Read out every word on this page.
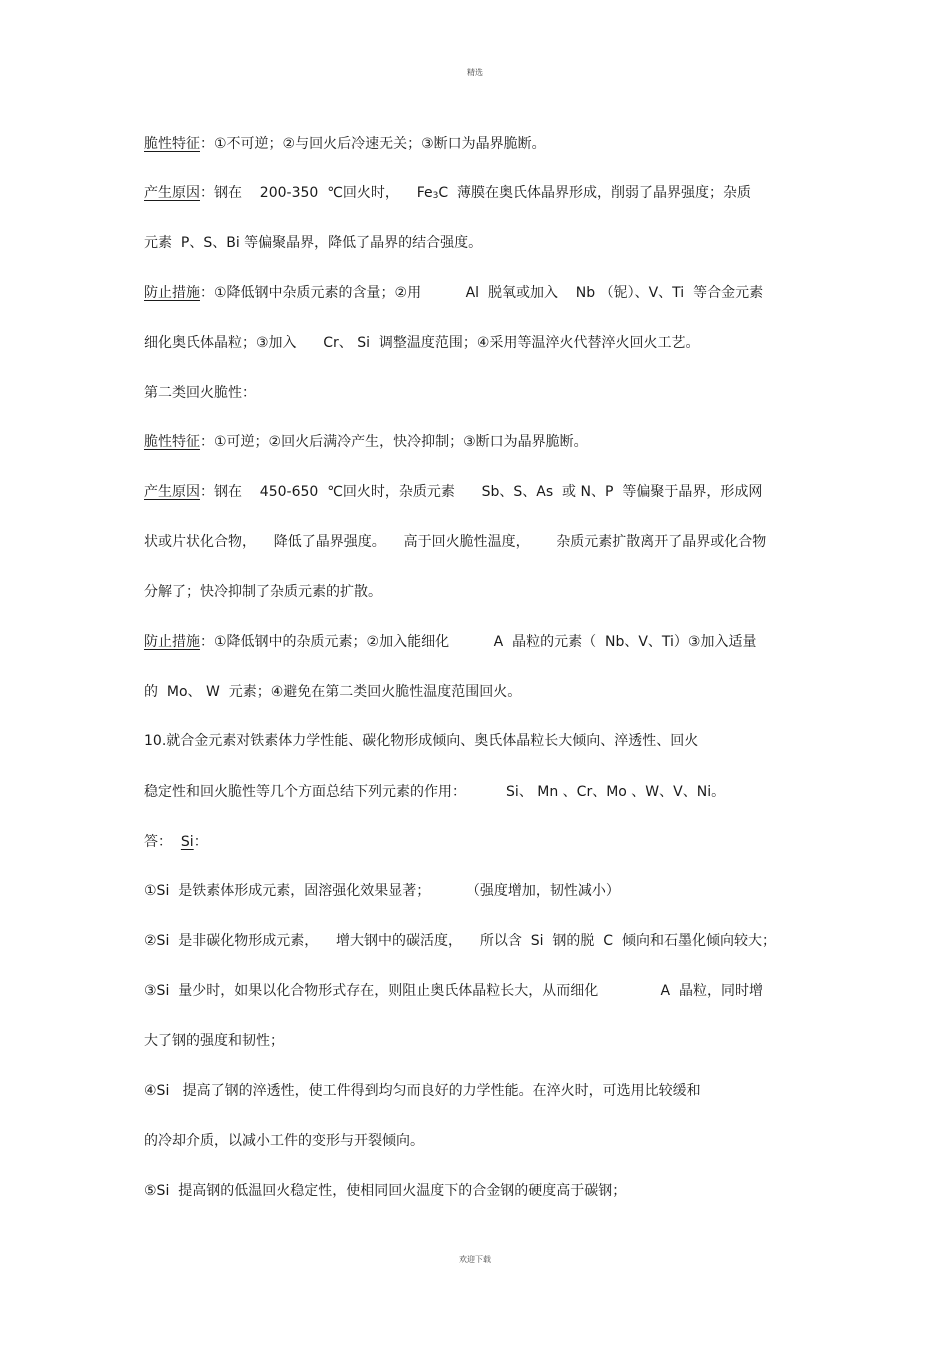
精选
脆性特征：①不可逆；②与回火后冷速无关；③断口为晶界脆断。
产生原因：钢在    200-350  ℃回火时，    $Fe_3C$  薄膜在奥氏体晶界形成，削弱了晶界强度；杂质
元素  P、S、Bi 等偏聚晶界，降低了晶界的结合强度。
防止措施：①降低钢中杂质元素的含量；②用          Al  脱氧或加入    Nb （铌）、V、Ti  等合金元素
细化奥氏体晶粒；③加入      Cr、 Si  调整温度范围；④采用等温淬火代替淬火回火工艺。
第二类回火脆性：
脆性特征：①可逆；②回火后满冷产生，快冷抑制；③断口为晶界脆断。
产生原因：钢在    450-650  ℃回火时，杂质元素      Sb、S、As  或 N、P  等偏聚于晶界，形成网
状或片状化合物，    降低了晶界强度。    高于回火脆性温度，      杂质元素扩散离开了晶界或化合物
分解了；快冷抑制了杂质元素的扩散。
防止措施：①降低钢中的杂质元素；②加入能细化          A  晶粒的元素（  Nb、V、Ti）③加入适量
的  Mo、 W  元素；④避免在第二类回火脆性温度范围回火。
10.就合金元素对铁素体力学性能、碳化物形成倾向、奥氏体晶粒长大倾向、淬透性、回火
稳定性和回火脆性等几个方面总结下列元素的作用：         Si、 Mn 、Cr、Mo 、W、V、Ni。
答：  Si：
①Si  是铁素体形成元素，固溶强化效果显著；        （强度增加，韧性减小）
②Si  是非碳化物形成元素，    增大钢中的碳活度，    所以含  Si  钢的脱  C  倾向和石墨化倾向较大；
③Si  量少时，如果以化合物形式存在，则阻止奥氏体晶粒长大，从而细化              A  晶粒，同时增
大了钢的强度和韧性；
④Si   提高了钢的淬透性，使工件得到均匀而良好的力学性能。在淬火时，可选用比较缓和
的冷却介质，以减小工件的变形与开裂倾向。
⑤Si  提高钢的低温回火稳定性，使相同回火温度下的合金钢的硬度高于碳钢；
欢迎下载
